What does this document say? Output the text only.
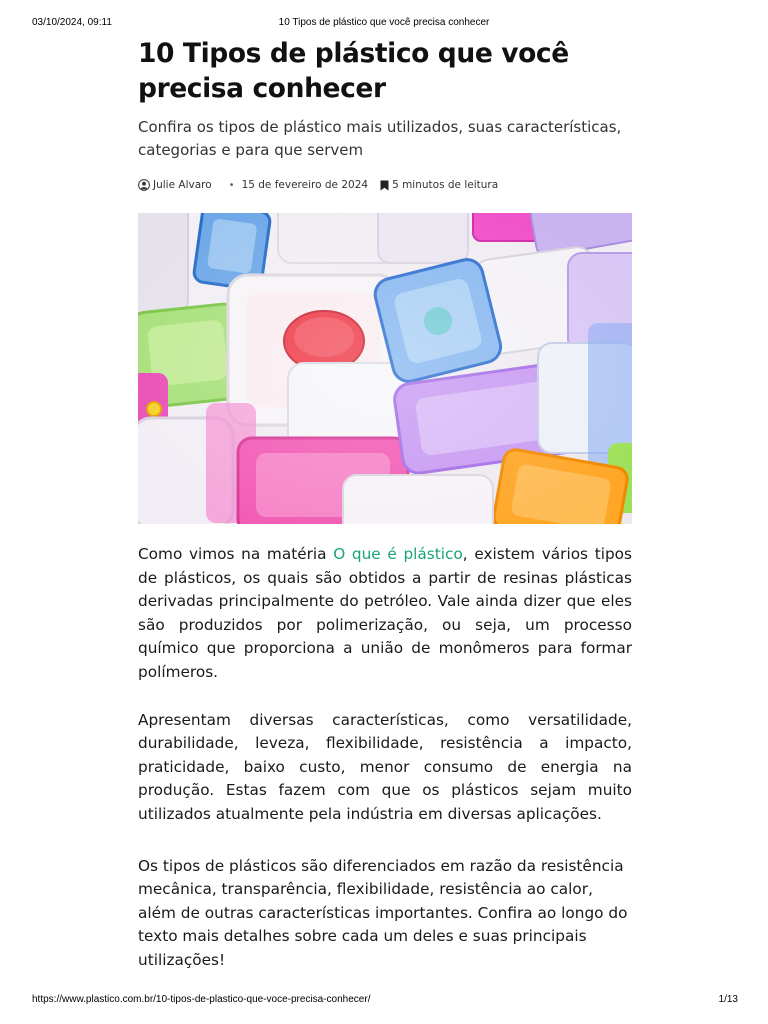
03/10/2024, 09:11	10 Tipos de plástico que você precisa conhecer
10 Tipos de plástico que você precisa conhecer

Confira os tipos de plástico mais utilizados, suas características, categorias e para que servem

Julie Alvaro • 15 de fevereiro de 2024 5 minutos de leitura

Como vimos na matéria O que é plástico, existem vários tipos de plásticos, os quais são obtidos a partir de resinas plásticas derivadas principalmente do petróleo. Vale ainda dizer que eles são produzidos por polimerização, ou seja, um processo químico que proporciona a união de monômeros para formar polímeros.

Apresentam diversas características, como versatilidade, durabilidade, leveza, flexibilidade, resistência a impacto, praticidade, baixo custo, menor consumo de energia na produção. Estas fazem com que os plásticos sejam muito utilizados atualmente pela indústria em diversas aplicações.

Os tipos de plásticos são diferenciados em razão da resistência mecânica, transparência, flexibilidade, resistência ao calor, além de outras características importantes. Confira ao longo do texto mais detalhes sobre cada um deles e suas principais utilizações!

https://www.plastico.com.br/10-tipos-de-plastico-que-voce-precisa-conhecer/	1/13
